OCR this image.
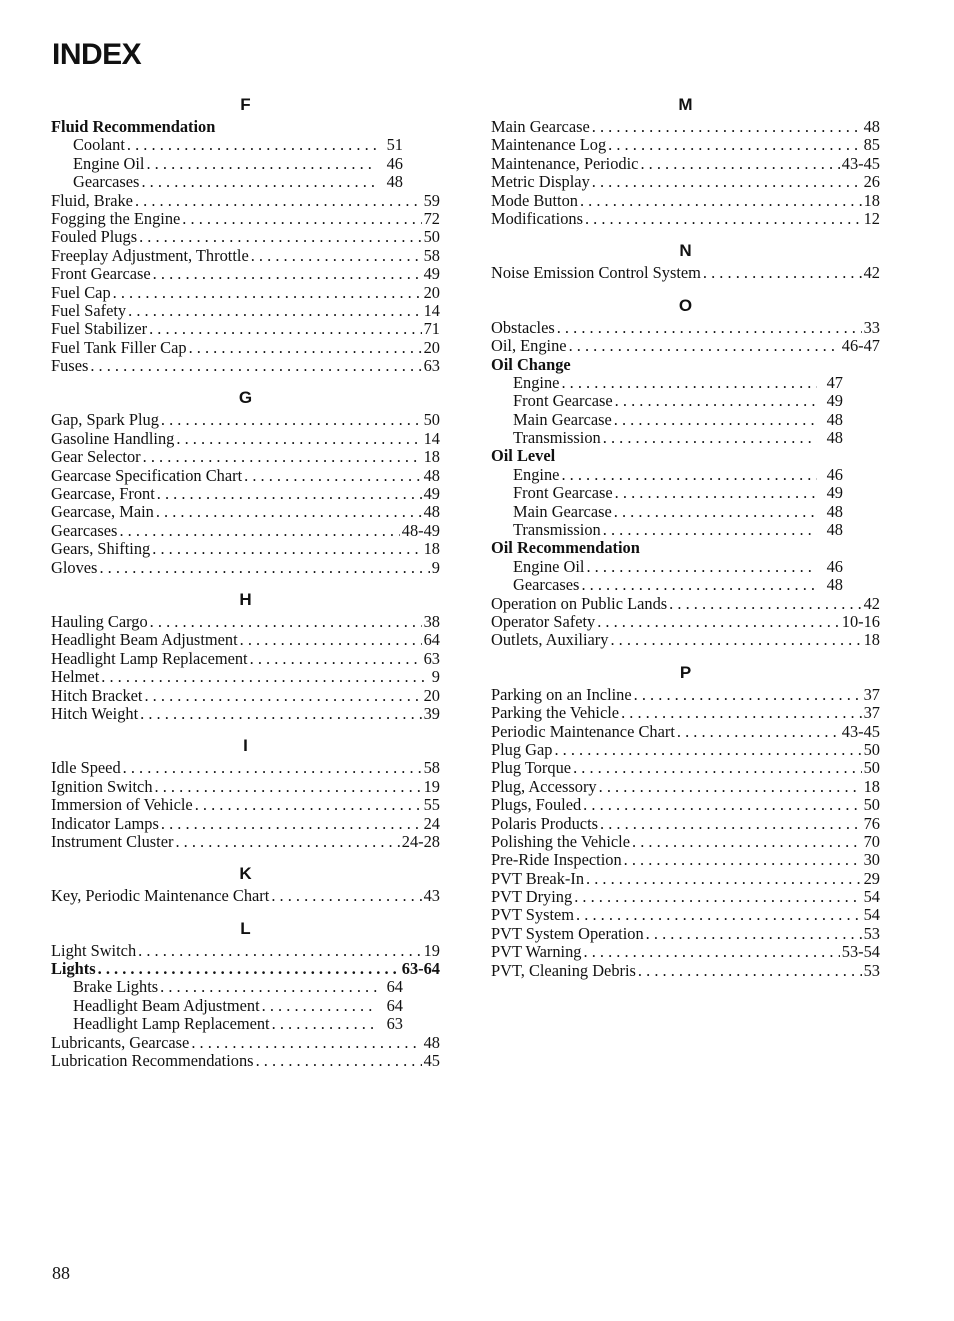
INDEX
F
Fluid Recommendation
Coolant . . .	51
Engine Oil . . .	46
Gearcases . . .	48
Fluid, Brake . . .	59
Fogging the Engine . . .	72
Fouled Plugs . . .	50
Freeplay Adjustment, Throttle . . .	58
Front Gearcase . . .	49
Fuel Cap . . .	20
Fuel Safety . . .	14
Fuel Stabilizer . . .	71
Fuel Tank Filler Cap . . .	20
Fuses . . .	63
G
Gap, Spark Plug . . .	50
Gasoline Handling . . .	14
Gear Selector . . .	18
Gearcase Specification Chart . . .	48
Gearcase, Front . . .	49
Gearcase, Main . . .	48
Gearcases . . .	48-49
Gears, Shifting . . .	18
Gloves . . .	9
H
Hauling Cargo . . .	38
Headlight Beam Adjustment . . .	64
Headlight Lamp Replacement . . .	63
Helmet . . .	9
Hitch Bracket . . .	20
Hitch Weight . . .	39
I
Idle Speed . . .	58
Ignition Switch . . .	19
Immersion of Vehicle . . .	55
Indicator Lamps . . .	24
Instrument Cluster . . .	24-28
K
Key, Periodic Maintenance Chart . . .	43
L
Light Switch . . .	19
Lights . . .	63-64
Brake Lights . . .	64
Headlight Beam Adjustment . . .	64
Headlight Lamp Replacement . . .	63
Lubricants, Gearcase . . .	48
Lubrication Recommendations . . .	45
M
Main Gearcase . . .	48
Maintenance Log . . .	85
Maintenance, Periodic . . .	43-45
Metric Display . . .	26
Mode Button . . .	18
Modifications . . .	12
N
Noise Emission Control System . . .	42
O
Obstacles . . .	33
Oil, Engine . . .	46-47
Oil Change
Engine . . .	47
Front Gearcase . . .	49
Main Gearcase . . .	48
Transmission . . .	48
Oil Level
Engine . . .	46
Front Gearcase . . .	49
Main Gearcase . . .	48
Transmission . . .	48
Oil Recommendation
Engine Oil . . .	46
Gearcases . . .	48
Operation on Public Lands . . .	42
Operator Safety . . .	10-16
Outlets, Auxiliary . . .	18
P
Parking on an Incline . . .	37
Parking the Vehicle . . .	37
Periodic Maintenance Chart . . .	43-45
Plug Gap . . .	50
Plug Torque . . .	50
Plug, Accessory . . .	18
Plugs, Fouled . . .	50
Polaris Products . . .	76
Polishing the Vehicle . . .	70
Pre-Ride Inspection . . .	30
PVT Break-In . . .	29
PVT Drying . . .	54
PVT System . . .	54
PVT System Operation . . .	53
PVT Warning . . .	53-54
PVT, Cleaning Debris . . .	53
88
